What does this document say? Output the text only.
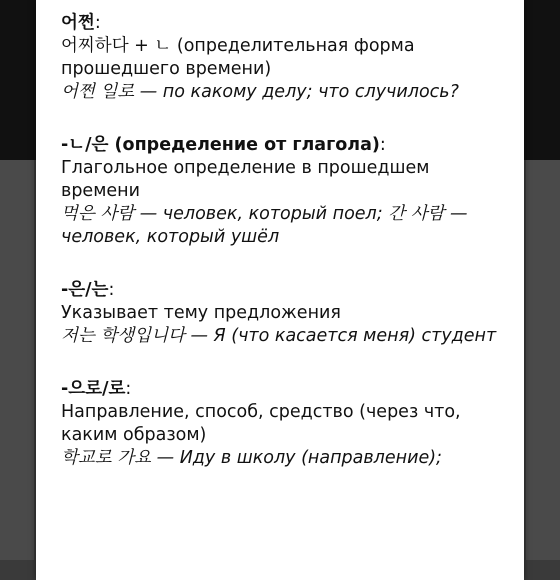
어쩐:

어찌하다 + ㄴ (определительная форма прошедшего времени)

어쩐 일로 — по какому делу; что случилось?

-ㄴ/은 (определение от глагола):

Глагольное определение в прошедшем времени

먹은 사람 — человек, который поел; 간 사람 — человек, который ушёл

-은/는:

Указывает тему предложения

저는 학생입니다 — Я (что касается меня) студент

-으로/로:

Направление, способ, средство (через что, каким образом)

학교로 가요 — Иду в школу (направление);
